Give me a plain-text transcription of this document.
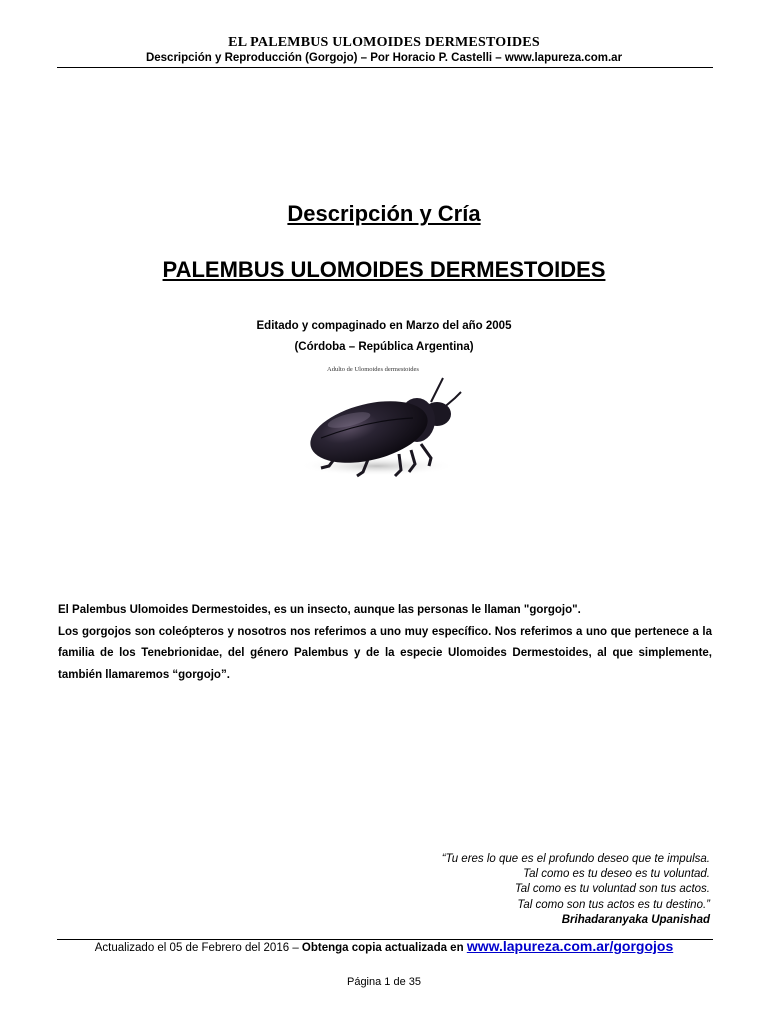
EL PALEMBUS ULOMOIDES DERMESTOIDES
Descripción y Reproducción (Gorgojo) – Por Horacio P. Castelli – www.lapureza.com.ar
Descripción y Cría
PALEMBUS ULOMOIDES DERMESTOIDES
Editado y compaginado en Marzo del año 2005
(Córdoba – República Argentina)
Adulto de Ulomoides dermestoides

El Palembus Ulomoides Dermestoides, es un insecto, aunque las personas le llaman "gorgojo".

Los gorgojos son coleópteros y nosotros nos referimos a uno muy específico. Nos referimos a uno que pertenece a la familia de los Tenebrionidae, del género Palembus y de la especie Ulomoides Dermestoides, al que simplemente, también llamaremos “gorgojo”.

“Tu eres lo que es el profundo deseo que te impulsa.
Tal como es tu deseo es tu voluntad.
Tal como es tu voluntad son tus actos.
Tal como son tus actos es tu destino.”
Brihadaranyaka Upanishad
Actualizado el 05 de Febrero del 2016 – Obtenga copia actualizada en www.lapureza.com.ar/gorgojos
Página 1 de 35
